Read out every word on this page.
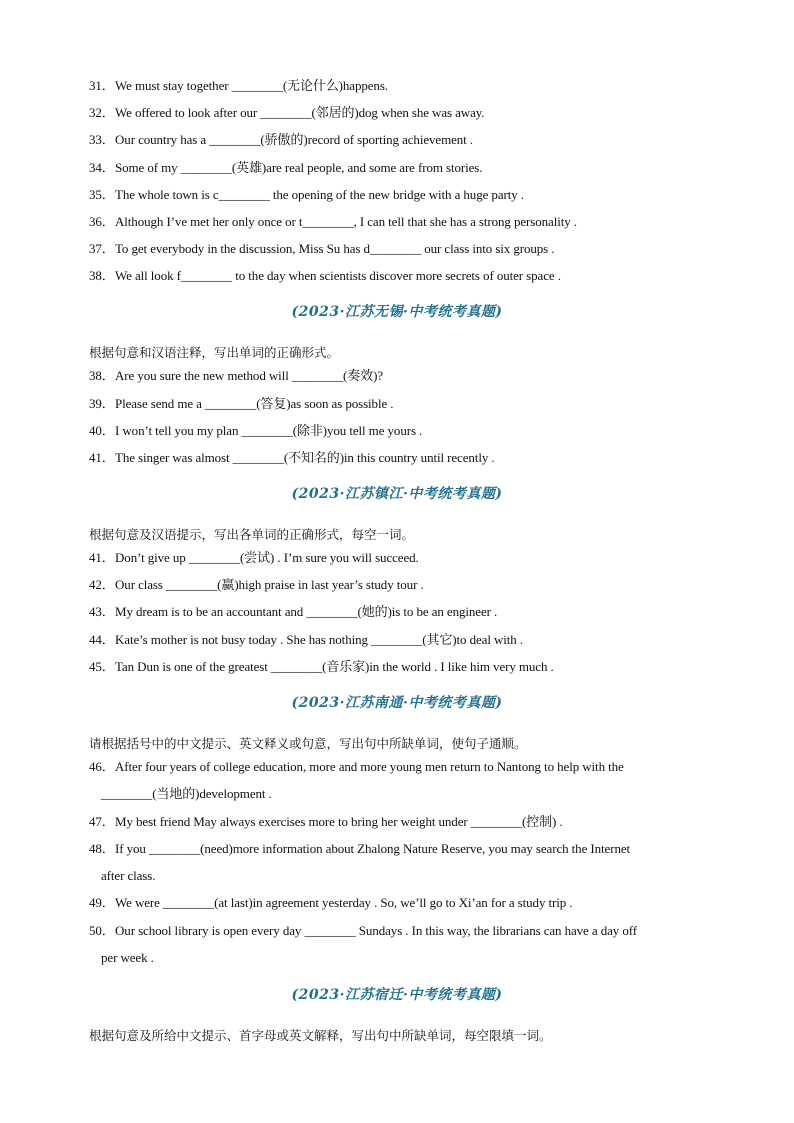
31．We must stay together ________(无论什么)happens.
32．We offered to look after our ________(邻居的)dog when she was away.
33．Our country has a ________(骄傲的)record of sporting achievement .
34．Some of my ________(英雄)are real people, and some are from stories.
35．The whole town is c________ the opening of the new bridge with a huge party .
36．Although I’ve met her only once or t________, I can tell that she has a strong personality .
37．To get everybody in the discussion, Miss Su has d________ our class into six groups .
38．We all look f________ to the day when scientists discover more secrets of outer space .
(2023·江苏无锡·中考统考真题)
根据句意和汉语注释，写出单词的正确形式。
38．Are you sure the new method will ________(奏效)?
39．Please send me a ________(答复)as soon as possible .
40．I won’t tell you my plan ________(除非)you tell me yours .
41．The singer was almost ________(不知名的)in this country until recently .
(2023·江苏镇江·中考统考真题)
根据句意及汉语提示，写出各单词的正确形式，每空一词。
41．Don’t give up ________(尝试) . I’m sure you will succeed.
42．Our class ________(赢)high praise in last year’s study tour .
43．My dream is to be an accountant and ________(她的)is to be an engineer .
44．Kate’s mother is not busy today . She has nothing ________(其它)to deal with .
45．Tan Dun is one of the greatest ________(音乐家)in the world . I like him very much .
(2023·江苏南通·中考统考真题)
请根据括号中的中文提示、英文释义或句意，写出句中所缺单词，使句子通顺。
46．After four years of college education, more and more young men return to Nantong to help with the
________(当地的)development .
47．My best friend May always exercises more to bring her weight under ________(控制) .
48．If you ________(need)more information about Zhalong Nature Reserve, you may search the Internet
after class.
49．We were ________(at last)in agreement yesterday . So, we’ll go to Xi’an for a study trip .
50．Our school library is open every day ________ Sundays . In this way, the librarians can have a day off
per week .
(2023·江苏宿迁·中考统考真题)
根据句意及所给中文提示、首字母或英文解释，写出句中所缺单词，每空限填一词。
